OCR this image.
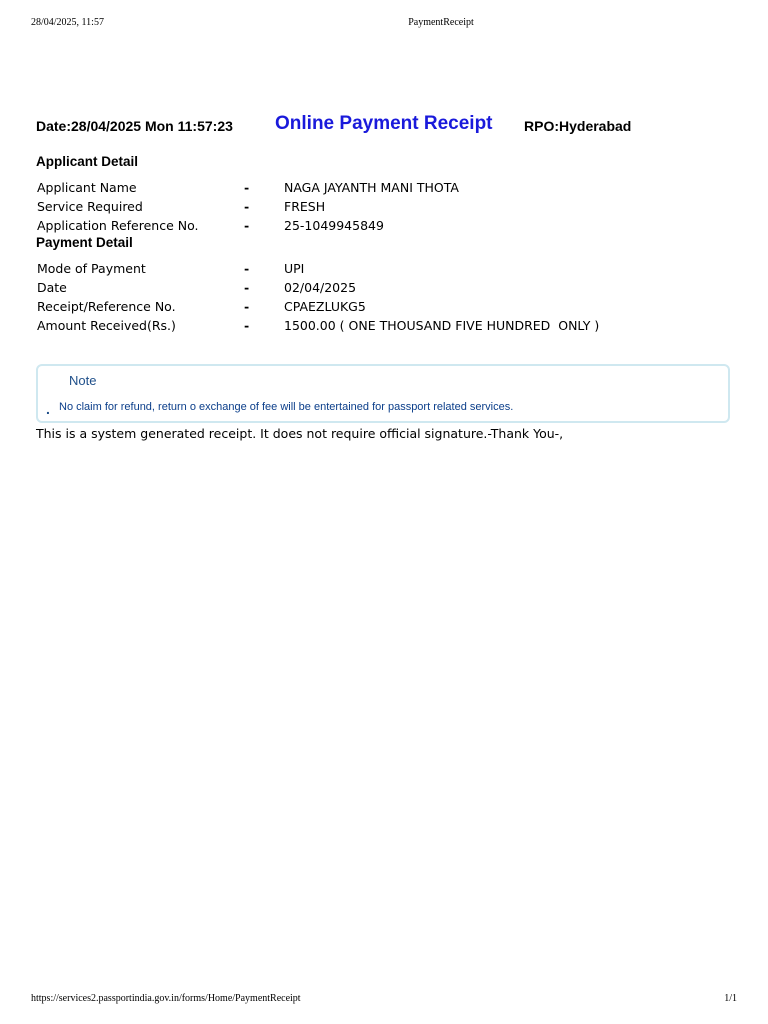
28/04/2025, 11:57	PaymentReceipt
Date:28/04/2025 Mon 11:57:23 Online Payment Receipt RPO:Hyderabad
Applicant Detail
Applicant Name	-	NAGA JAYANTH MANI THOTA
Service Required	-	FRESH
Application Reference No.	-	25-1049945849
Payment Detail
Mode of Payment	-	UPI
Date	-	02/04/2025
Receipt/Reference No.	-	CPAEZLUKG5
Amount Received(Rs.)	-	1500.00 ( ONE THOUSAND FIVE HUNDRED  ONLY )
Note
. No claim for refund, return o exchange of fee will be entertained for passport related services.
This is a system generated receipt. It does not require official signature.-Thank You-,
https://services2.passportindia.gov.in/forms/Home/PaymentReceipt	1/1
